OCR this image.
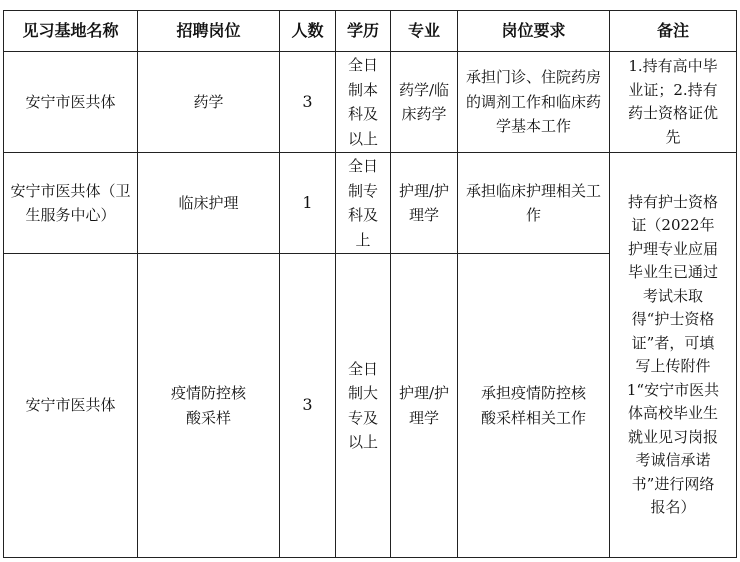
见习基地名称	招聘岗位	人数	学历	专业	岗位要求	备注
安宁市医共体	药学	3	全日制本科及以上	药学/临床药学	承担门诊、住院药房的调剂工作和临床药学基本工作	1.持有高中毕业证；2.持有药士资格证优先
安宁市医共体（卫生服务中心）	临床护理	1	全日制专科及上	护理/护理学	承担临床护理相关工作	持有护士资格证（2022年护理专业应届毕业生已通过考试未取得“护士资格证”者，可填写上传附件1“安宁市医共体高校毕业生就业见习岗报考诚信承诺书”进行网络报名）
安宁市医共体	疫情防控核酸采样	3	全日制大专及以上	护理/护理学	承担疫情防控核酸采样相关工作	
